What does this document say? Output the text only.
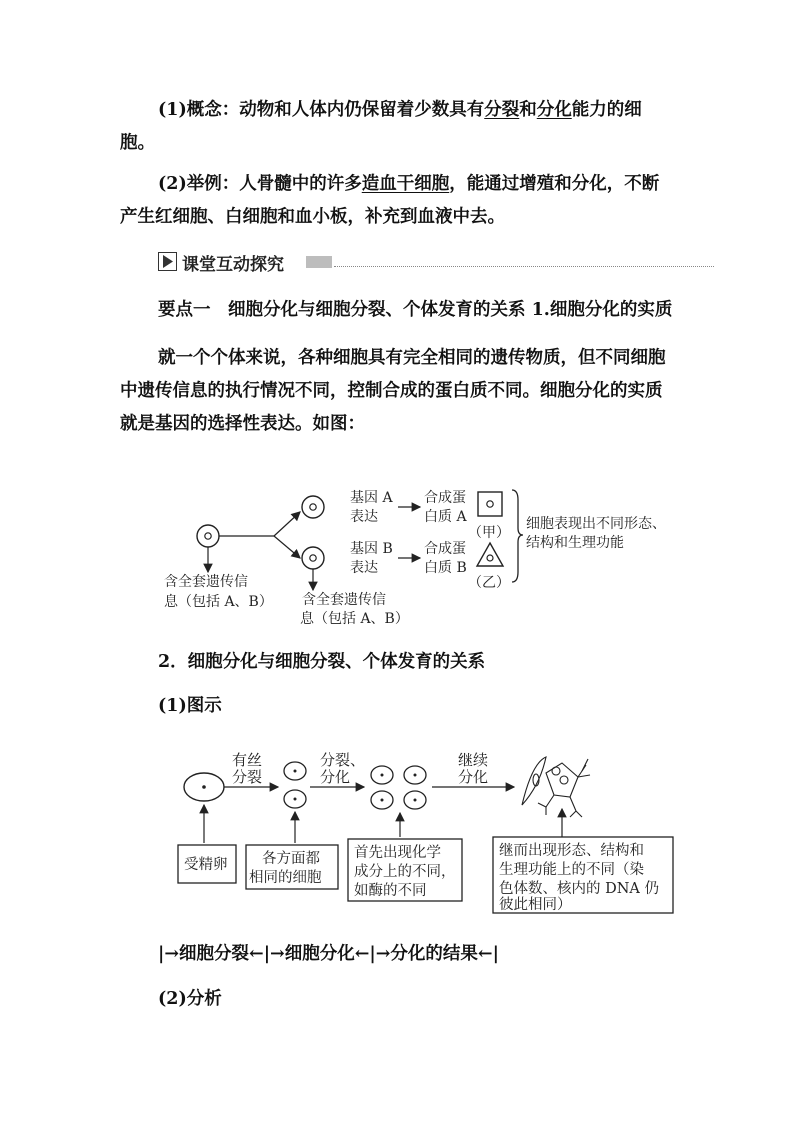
(1)概念：动物和人体内仍保留着少数具有分裂和分化能力的细胞。
(2)举例：人骨髓中的许多造血干细胞，能通过增殖和分化，不断产生红细胞、白细胞和血小板，补充到血液中去。
课堂互动探究
要点一　细胞分化与细胞分裂、个体发育的关系 1.细胞分化的实质
就一个个体来说，各种细胞具有完全相同的遗传物质，但不同细胞中遗传信息的执行情况不同，控制合成的蛋白质不同。细胞分化的实质就是基因的选择性表达。如图：
含全套遗传信
息（包括 A、B） 含全套遗传信
息（包括 A、B）
基因 A
表达
基因 B
表达
合成蛋
白质 A
合成蛋
白质 B
（甲）
（乙）
细胞表现出不同形态、
结构和生理功能
2．细胞分化与细胞分裂、个体发育的关系
(1)图示
有丝
分裂
分裂、
分化
继续
分化
受精卵 各方面都
相同的细胞
首先出现化学
成分上的不同，
如酶的不同
继而出现形态、结构和
生理功能上的不同（染
色体数、核内的 DNA 仍
彼此相同）
|→细胞分裂←|→细胞分化←|→分化的结果←|
(2)分析
